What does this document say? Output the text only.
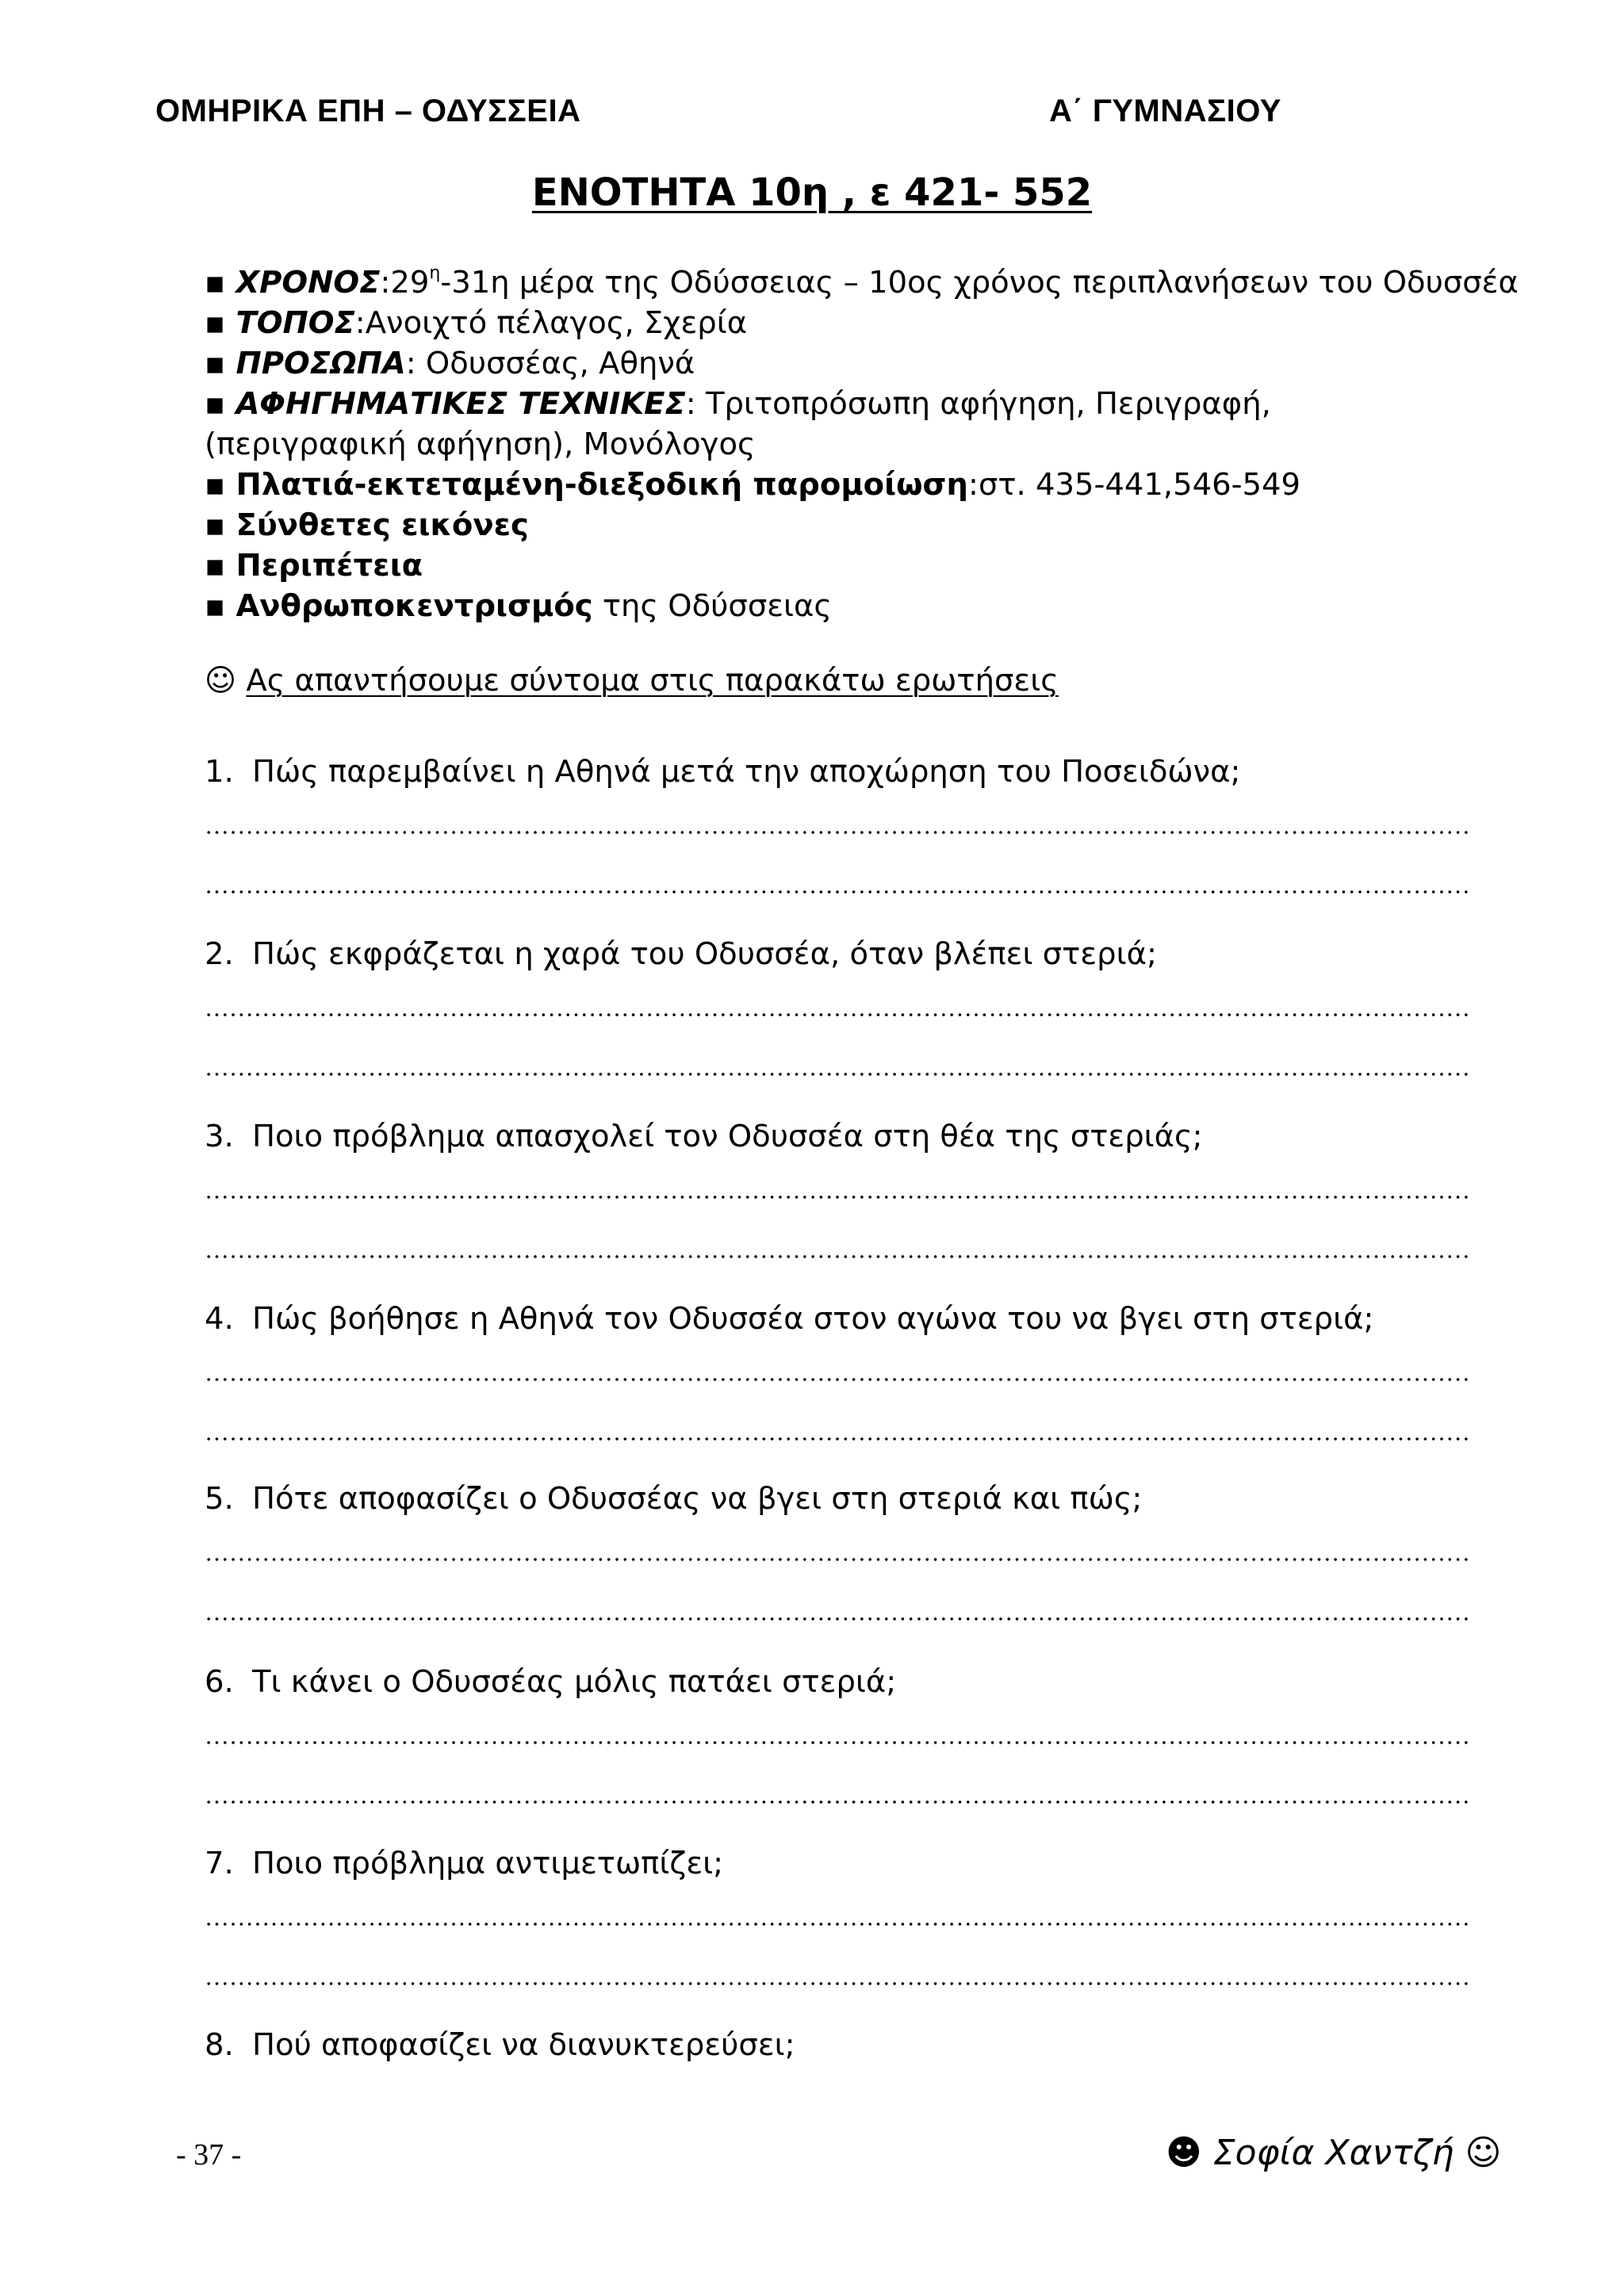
ΟΜΗΡΙΚΑ ΕΠΗ – ΟΔΥΣΣΕΙΑ	Α΄ ΓΥΜΝΑΣΙΟΥ
ΕΝΟΤΗΤΑ 10η , ε 421- 552
▪ $XPONO\Sigma:29^\eta-31\eta$ μέρα της Οδύσσειας – 10ος χρόνος περιπλανήσεων του Οδυσσέα
▪ ΤΟΠΟΣ:Ανοιχτό πέλαγος, Σχερία
▪ ΠΡΟΣΩΠΑ: Οδυσσέας, Αθηνά
▪ ΑΦΗΓΗΜΑΤΙΚΕΣ ΤΕΧΝΙΚΕΣ: Τριτοπρόσωπη αφήγηση, Περιγραφή, (περιγραφική αφήγηση), Μονόλογος
▪ Πλατιά-εκτεταμένη-διεξοδική παρομοίωση:στ. 435-441,546-549
▪ Σύνθετες εικόνες
▪ Περιπέτεια
▪ Ανθρωποκεντρισμός της Οδύσσειας
☺ Ας απαντήσουμε σύντομα στις παρακάτω ερωτήσεις
1. Πώς παρεμβαίνει η Αθηνά μετά την αποχώρηση του Ποσειδώνα;
2. Πώς εκφράζεται η χαρά του Οδυσσέα, όταν βλέπει στεριά;
3. Ποιο πρόβλημα απασχολεί τον Οδυσσέα στη θέα της στεριάς;
4. Πώς βοήθησε η Αθηνά τον Οδυσσέα στον αγώνα του να βγει στη στεριά;
5. Πότε αποφασίζει ο Οδυσσέας να βγει στη στεριά και πώς;
6. Τι κάνει ο Οδυσσέας μόλις πατάει στεριά;
7. Ποιο πρόβλημα αντιμετωπίζει;
8. Πού αποφασίζει να διανυκτερεύσει;
- 37 -	☻ Σοφία Χαντζή ☺
